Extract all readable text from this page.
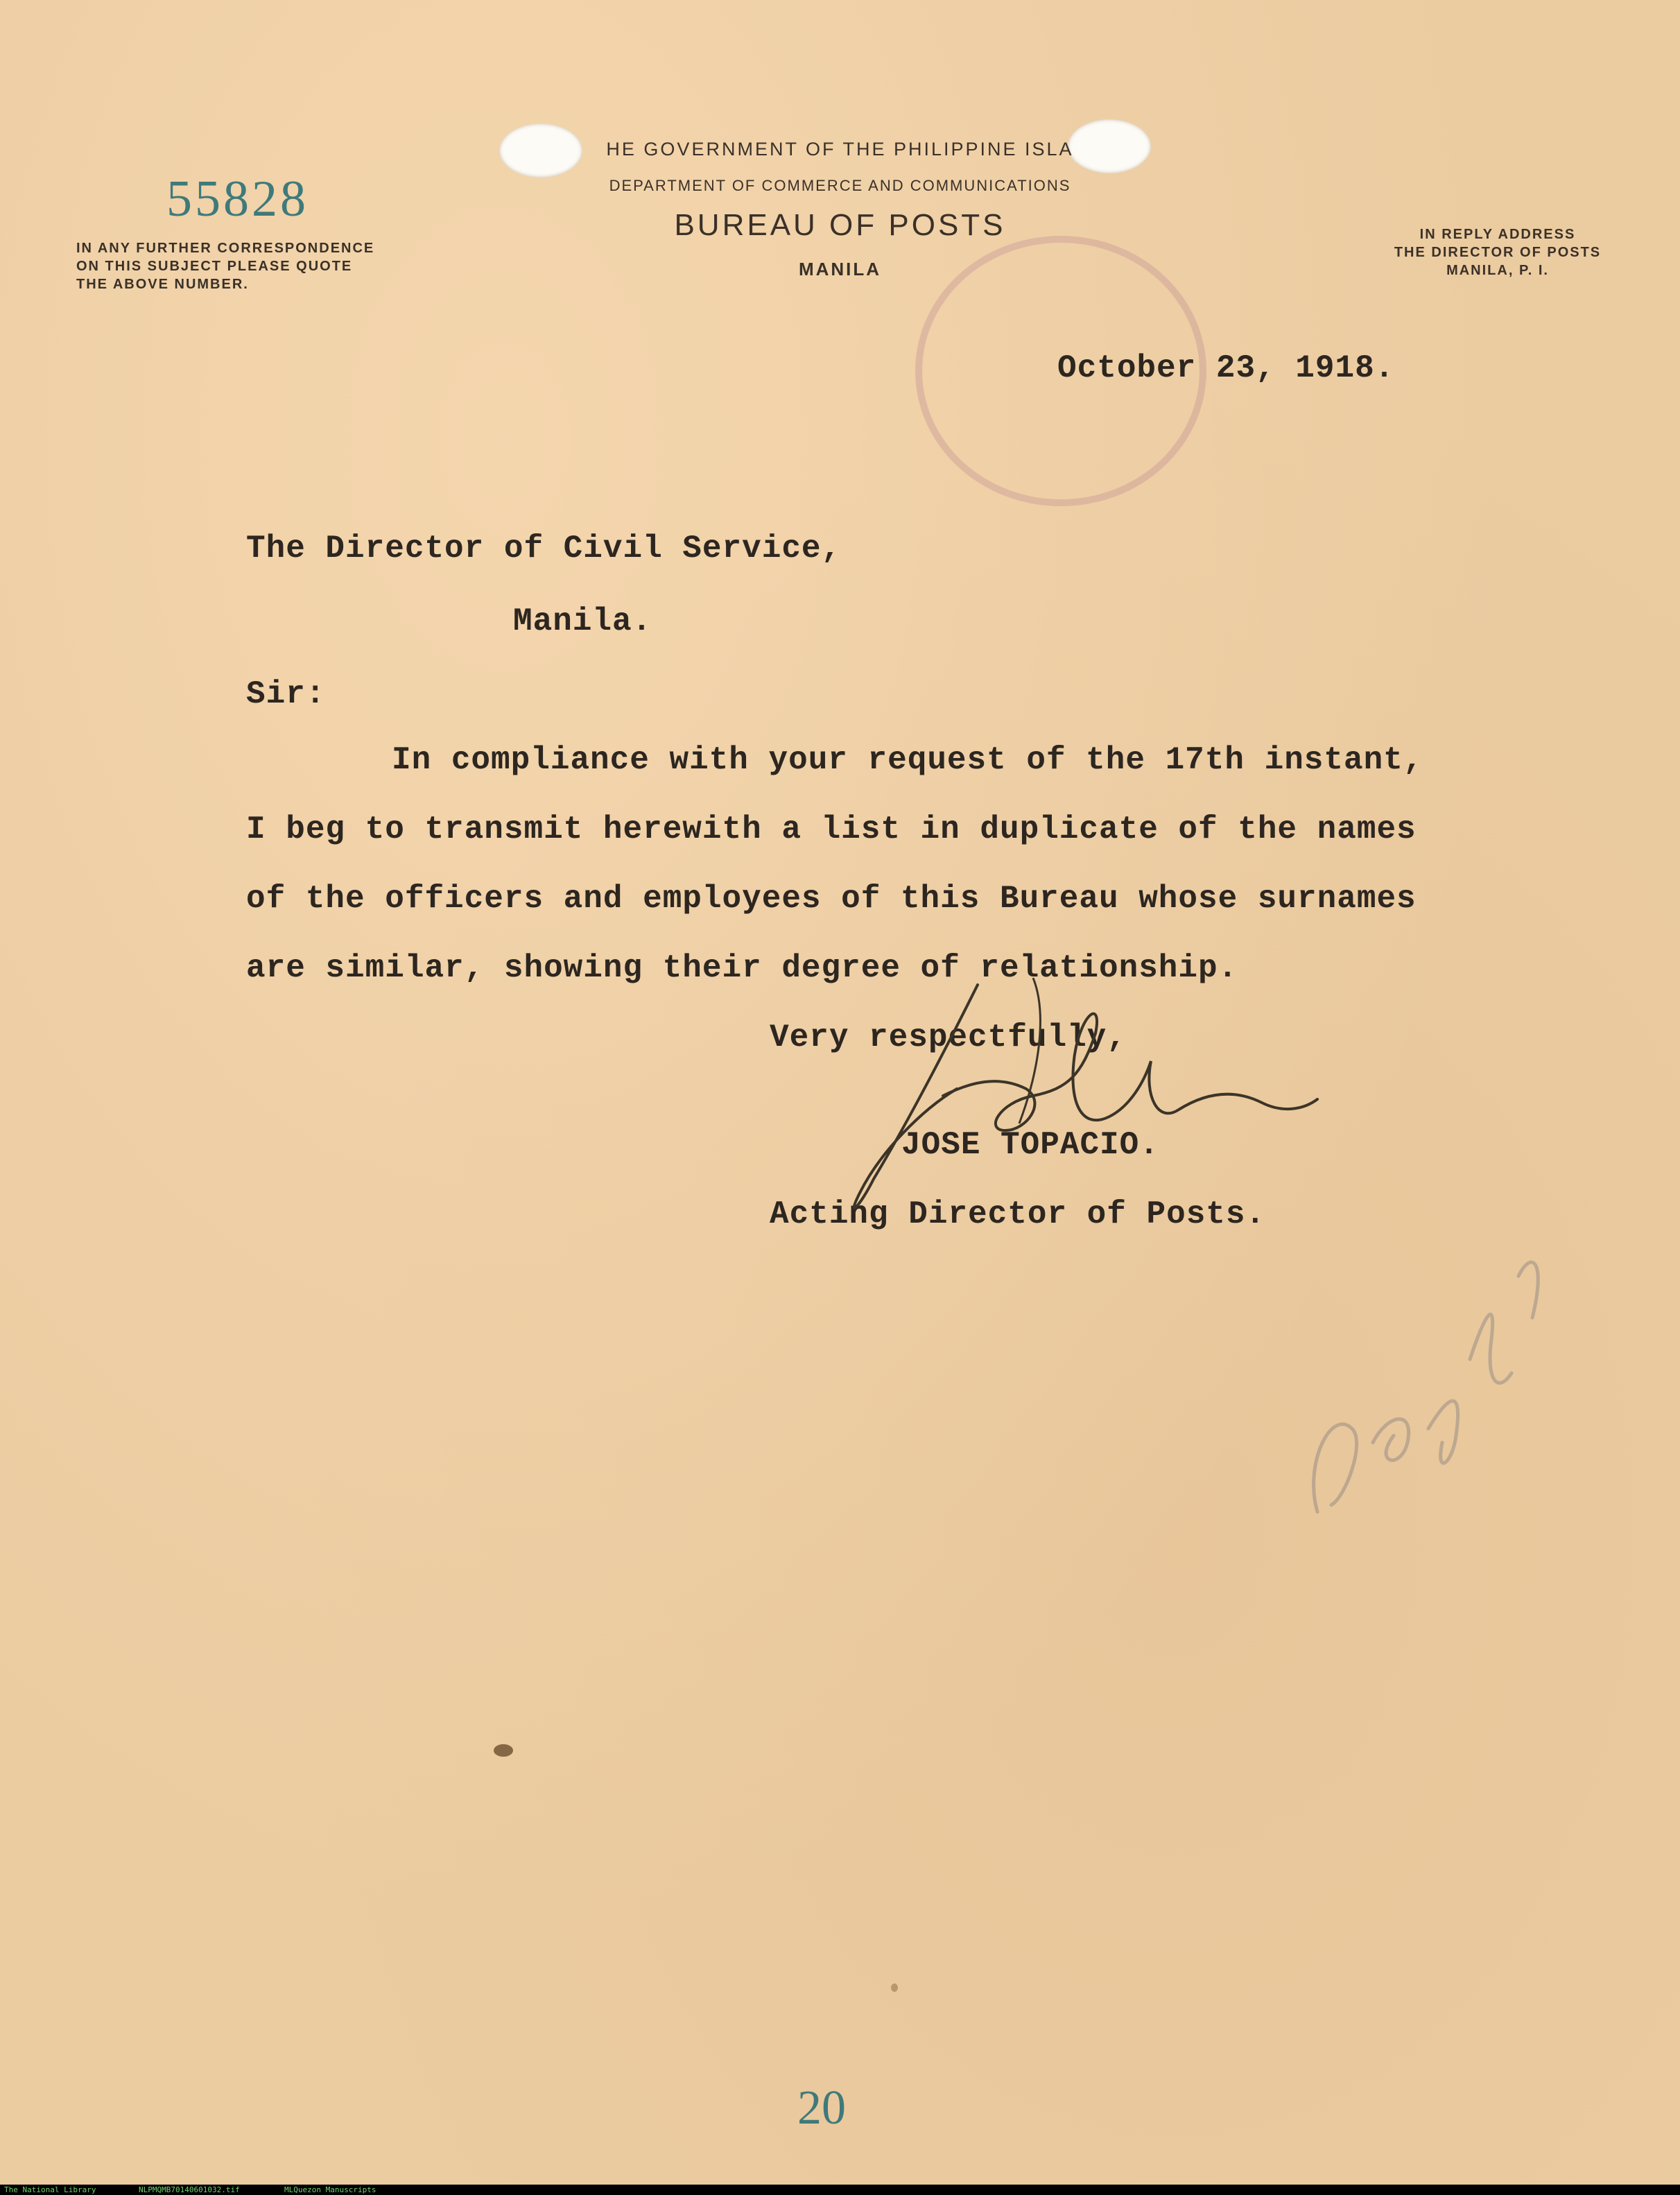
55828
IN ANY FURTHER CORRESPONDENCE
ON THIS SUBJECT PLEASE QUOTE
THE ABOVE NUMBER.
HE GOVERNMENT OF THE PHILIPPINE ISLA
DEPARTMENT OF COMMERCE AND COMMUNICATIONS
BUREAU OF POSTS
MANILA
IN REPLY ADDRESS
THE DIRECTOR OF POSTS
MANILA, P. I.
October 23, 1918.
The Director of Civil Service,
Manila.
Sir:
In compliance with your request of the 17th instant,
I beg to transmit herewith a list in duplicate of the names
of the officers and employees of this Bureau whose surnames
are similar, showing their degree of relationship.
Very respectfully,
JOSE TOPACIO.
Acting Director of Posts.
20
The National Library	NLPMQMB70140601032.tif	MLQuezon Manuscripts
